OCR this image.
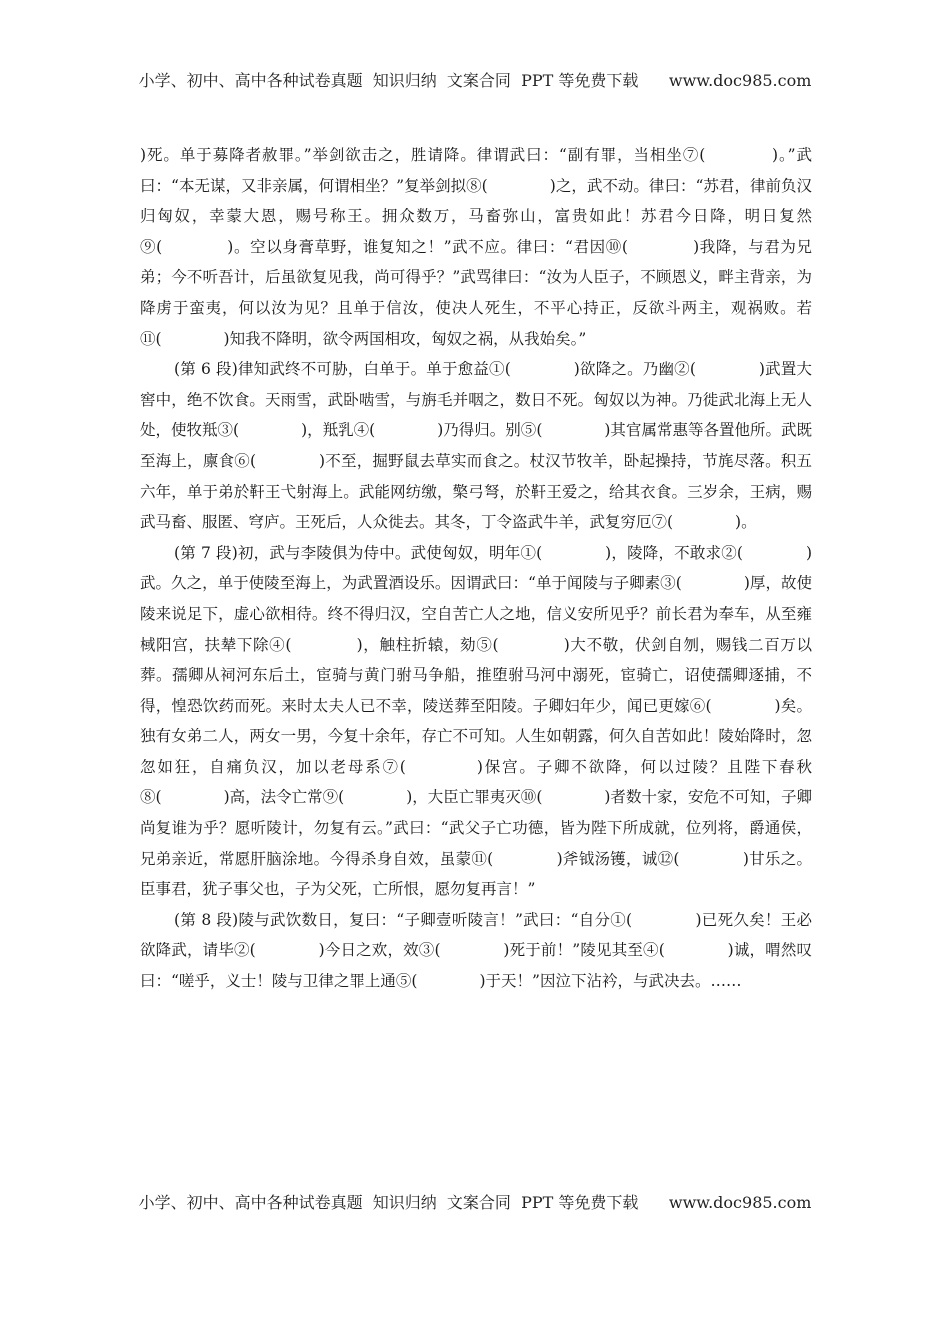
小学、初中、高中各种试卷真题  知识归纳  文案合同  PPT 等免费下载      www.doc985.com

)死。单于募降者赦罪。”举剑欲击之，胜请降。律谓武曰：“副有罪，当相坐⑦(　　　　)。”武曰：“本无谋，又非亲属，何谓相坐？”复举剑拟⑧(　　　　)之，武不动。律曰：“苏君，律前负汉归匈奴，幸蒙大恩，赐号称王。拥众数万，马畜弥山，富贵如此！苏君今日降，明日复然⑨(　　　　)。空以身膏草野，谁复知之！”武不应。律曰：“君因⑩(　　　　)我降，与君为兄弟；今不听吾计，后虽欲复见我，尚可得乎？”武骂律曰：“汝为人臣子，不顾恩义，畔主背亲，为降虏于蛮夷，何以汝为见？且单于信汝，使决人死生，不平心持正，反欲斗两主，观祸败。若⑪(　　　　)知我不降明，欲令两国相攻，匈奴之祸，从我始矣。”

(第 6 段)律知武终不可胁，白单于。单于愈益①(　　　　)欲降之。乃幽②(　　　　)武置大窖中，绝不饮食。天雨雪，武卧啮雪，与旃毛并咽之，数日不死。匈奴以为神。乃徙武北海上无人处，使牧羝③(　　　　)，羝乳④(　　　　)乃得归。别⑤(　　　　)其官属常惠等各置他所。武既至海上，廪食⑥(　　　　)不至，掘野鼠去草实而食之。杖汉节牧羊，卧起操持，节旄尽落。积五六年，单于弟於靬王弋射海上。武能网纺缴，檠弓弩，於靬王爱之，给其衣食。三岁余，王病，赐武马畜、服匿、穹庐。王死后，人众徙去。其冬，丁令盗武牛羊，武复穷厄⑦(　　　　)。

(第 7 段)初，武与李陵俱为侍中。武使匈奴，明年①(　　　　)，陵降，不敢求②(　　　　)武。久之，单于使陵至海上，为武置酒设乐。因谓武曰：“单于闻陵与子卿素③(　　　　)厚，故使陵来说足下，虚心欲相待。终不得归汉，空自苦亡人之地，信义安所见乎？前长君为奉车，从至雍棫阳宫，扶辇下除④(　　　　)，触柱折辕，劾⑤(　　　　)大不敬，伏剑自刎，赐钱二百万以葬。孺卿从祠河东后土，宦骑与黄门驸马争船，推堕驸马河中溺死，宦骑亡，诏使孺卿逐捕，不得，惶恐饮药而死。来时太夫人已不幸，陵送葬至阳陵。子卿妇年少，闻已更嫁⑥(　　　　)矣。独有女弟二人，两女一男，今复十余年，存亡不可知。人生如朝露，何久自苦如此！陵始降时，忽忽如狂，自痛负汉，加以老母系⑦(　　　　)保宫。子卿不欲降，何以过陵？且陛下春秋⑧(　　　　)高，法令亡常⑨(　　　　)，大臣亡罪夷灭⑩(　　　　)者数十家，安危不可知，子卿尚复谁为乎？愿听陵计，勿复有云。”武曰：“武父子亡功德，皆为陛下所成就，位列将，爵通侯，兄弟亲近，常愿肝脑涂地。今得杀身自效，虽蒙⑪(　　　　)斧钺汤镬，诚⑫(　　　　)甘乐之。臣事君，犹子事父也，子为父死，亡所恨，愿勿复再言！”

(第 8 段)陵与武饮数日，复曰：“子卿壹听陵言！”武曰：“自分①(　　　　)已死久矣！王必欲降武，请毕②(　　　　)今日之欢，效③(　　　　)死于前！”陵见其至④(　　　　)诚，喟然叹曰：“嗟乎，义士！陵与卫律之罪上通⑤(　　　　)于天！”因泣下沾衿，与武决去。……

小学、初中、高中各种试卷真题  知识归纳  文案合同  PPT 等免费下载      www.doc985.com
